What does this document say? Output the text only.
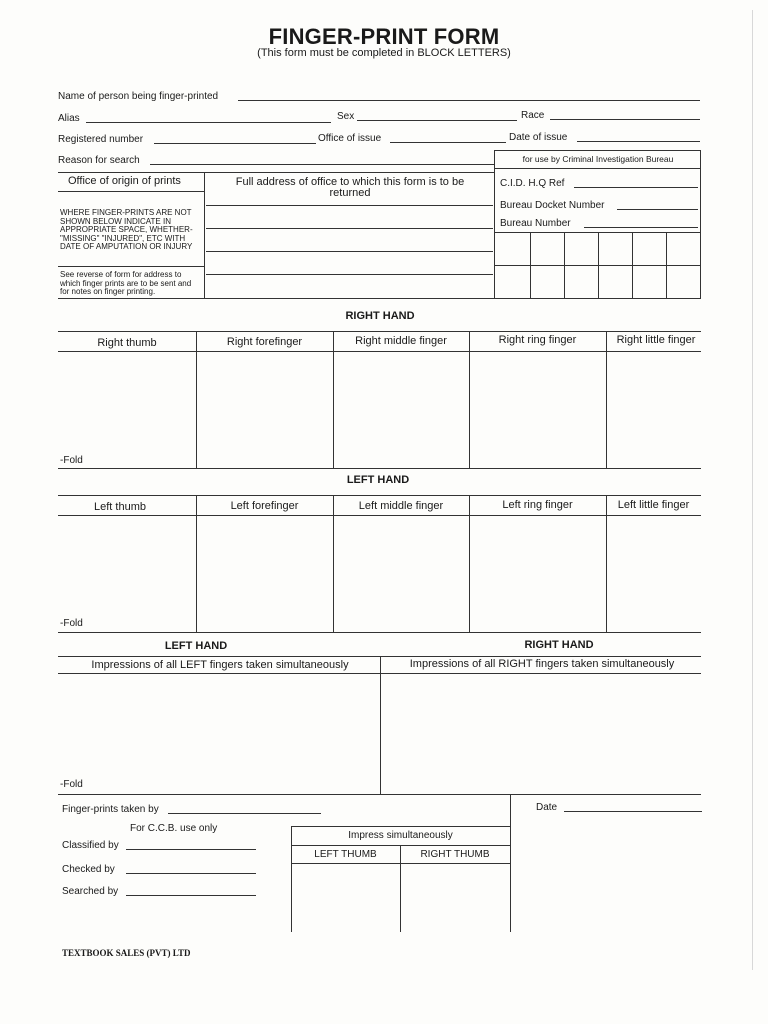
FINGER-PRINT FORM
(This form must be completed in BLOCK LETTERS)
Name of person being finger-printed
Alias	Sex	Race
Registered number	Office of issue	Date of issue
Reason for search
Office of origin of prints	Full address of office to which this form is to be returned
WHERE FINGER-PRINTS ARE NOT SHOWN BELOW INDICATE IN APPROPRIATE SPACE, WHETHER- "MISSING" "INJURED", ETC WITH DATE OF AMPUTATION OR INJURY
See reverse of form for address to which finger prints are to be sent and for notes on finger printing.
for use by Criminal Investigation Bureau
C.I.D. H.Q Ref
Bureau Docket Number
Bureau Number
RIGHT HAND
Right thumb	Right forefinger	Right middle finger	Right ring finger	Right little finger
-Fold
LEFT HAND
Left thumb	Left forefinger	Left middle finger	Left ring finger	Left little finger
-Fold
LEFT HAND	RIGHT HAND
Impressions of all LEFT fingers taken simultaneously	Impressions of all RIGHT fingers taken simultaneously
-Fold
Finger-prints taken by	Date
For C.C.B. use only
Classified by
Checked by
Searched by
Impress simultaneously
LEFT THUMB	RIGHT THUMB
TEXTBOOK SALES (PVT) LTD
